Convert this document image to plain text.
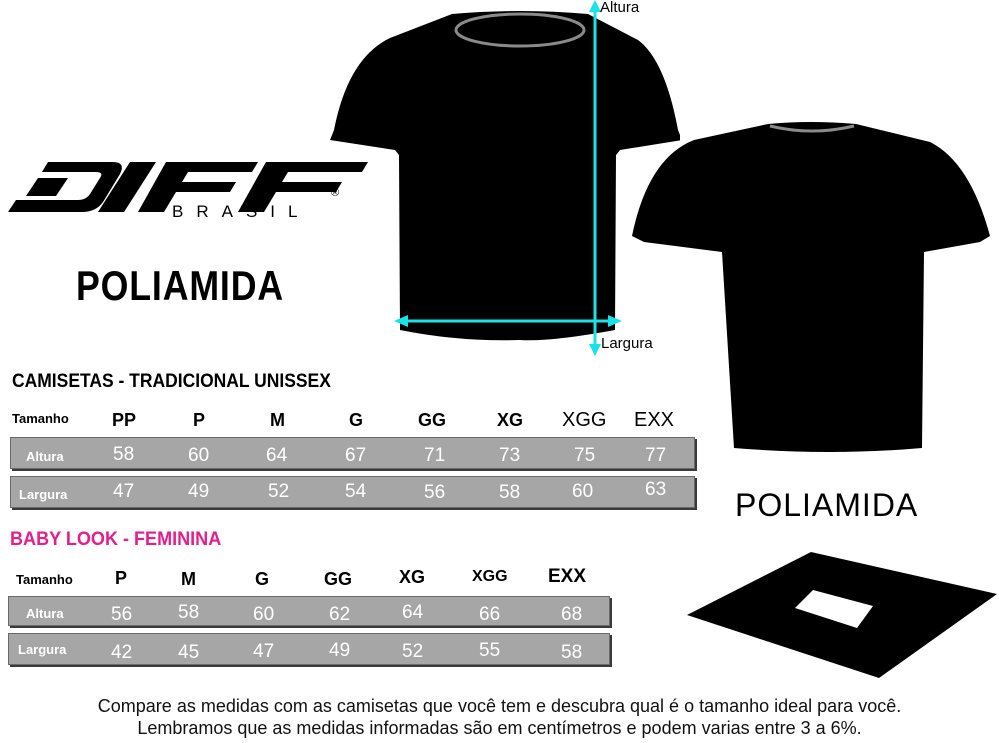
BRASIL
®
POLIAMIDA
Altura
Largura
POLIAMIDA
CAMISETAS - TRADICIONAL UNISSEX
Tamanho PP	P	M	G	GG	XG XGG EXX
Altura	58	60	64	67	71	73	75	77
Largura 47	49	52	54	56	58	60	63
BABY LOOK - FEMININA
Tamanho P	M	G	GG	XG	XGG EXX
Altura 56 58	60	62	64	66	68
Largura 42 45	47	49	52	55	58
Compare as medidas com as camisetas que você tem e descubra qual é o tamanho ideal para você.
Lembramos que as medidas informadas são em centímetros e podem varias entre 3 a 6%.
